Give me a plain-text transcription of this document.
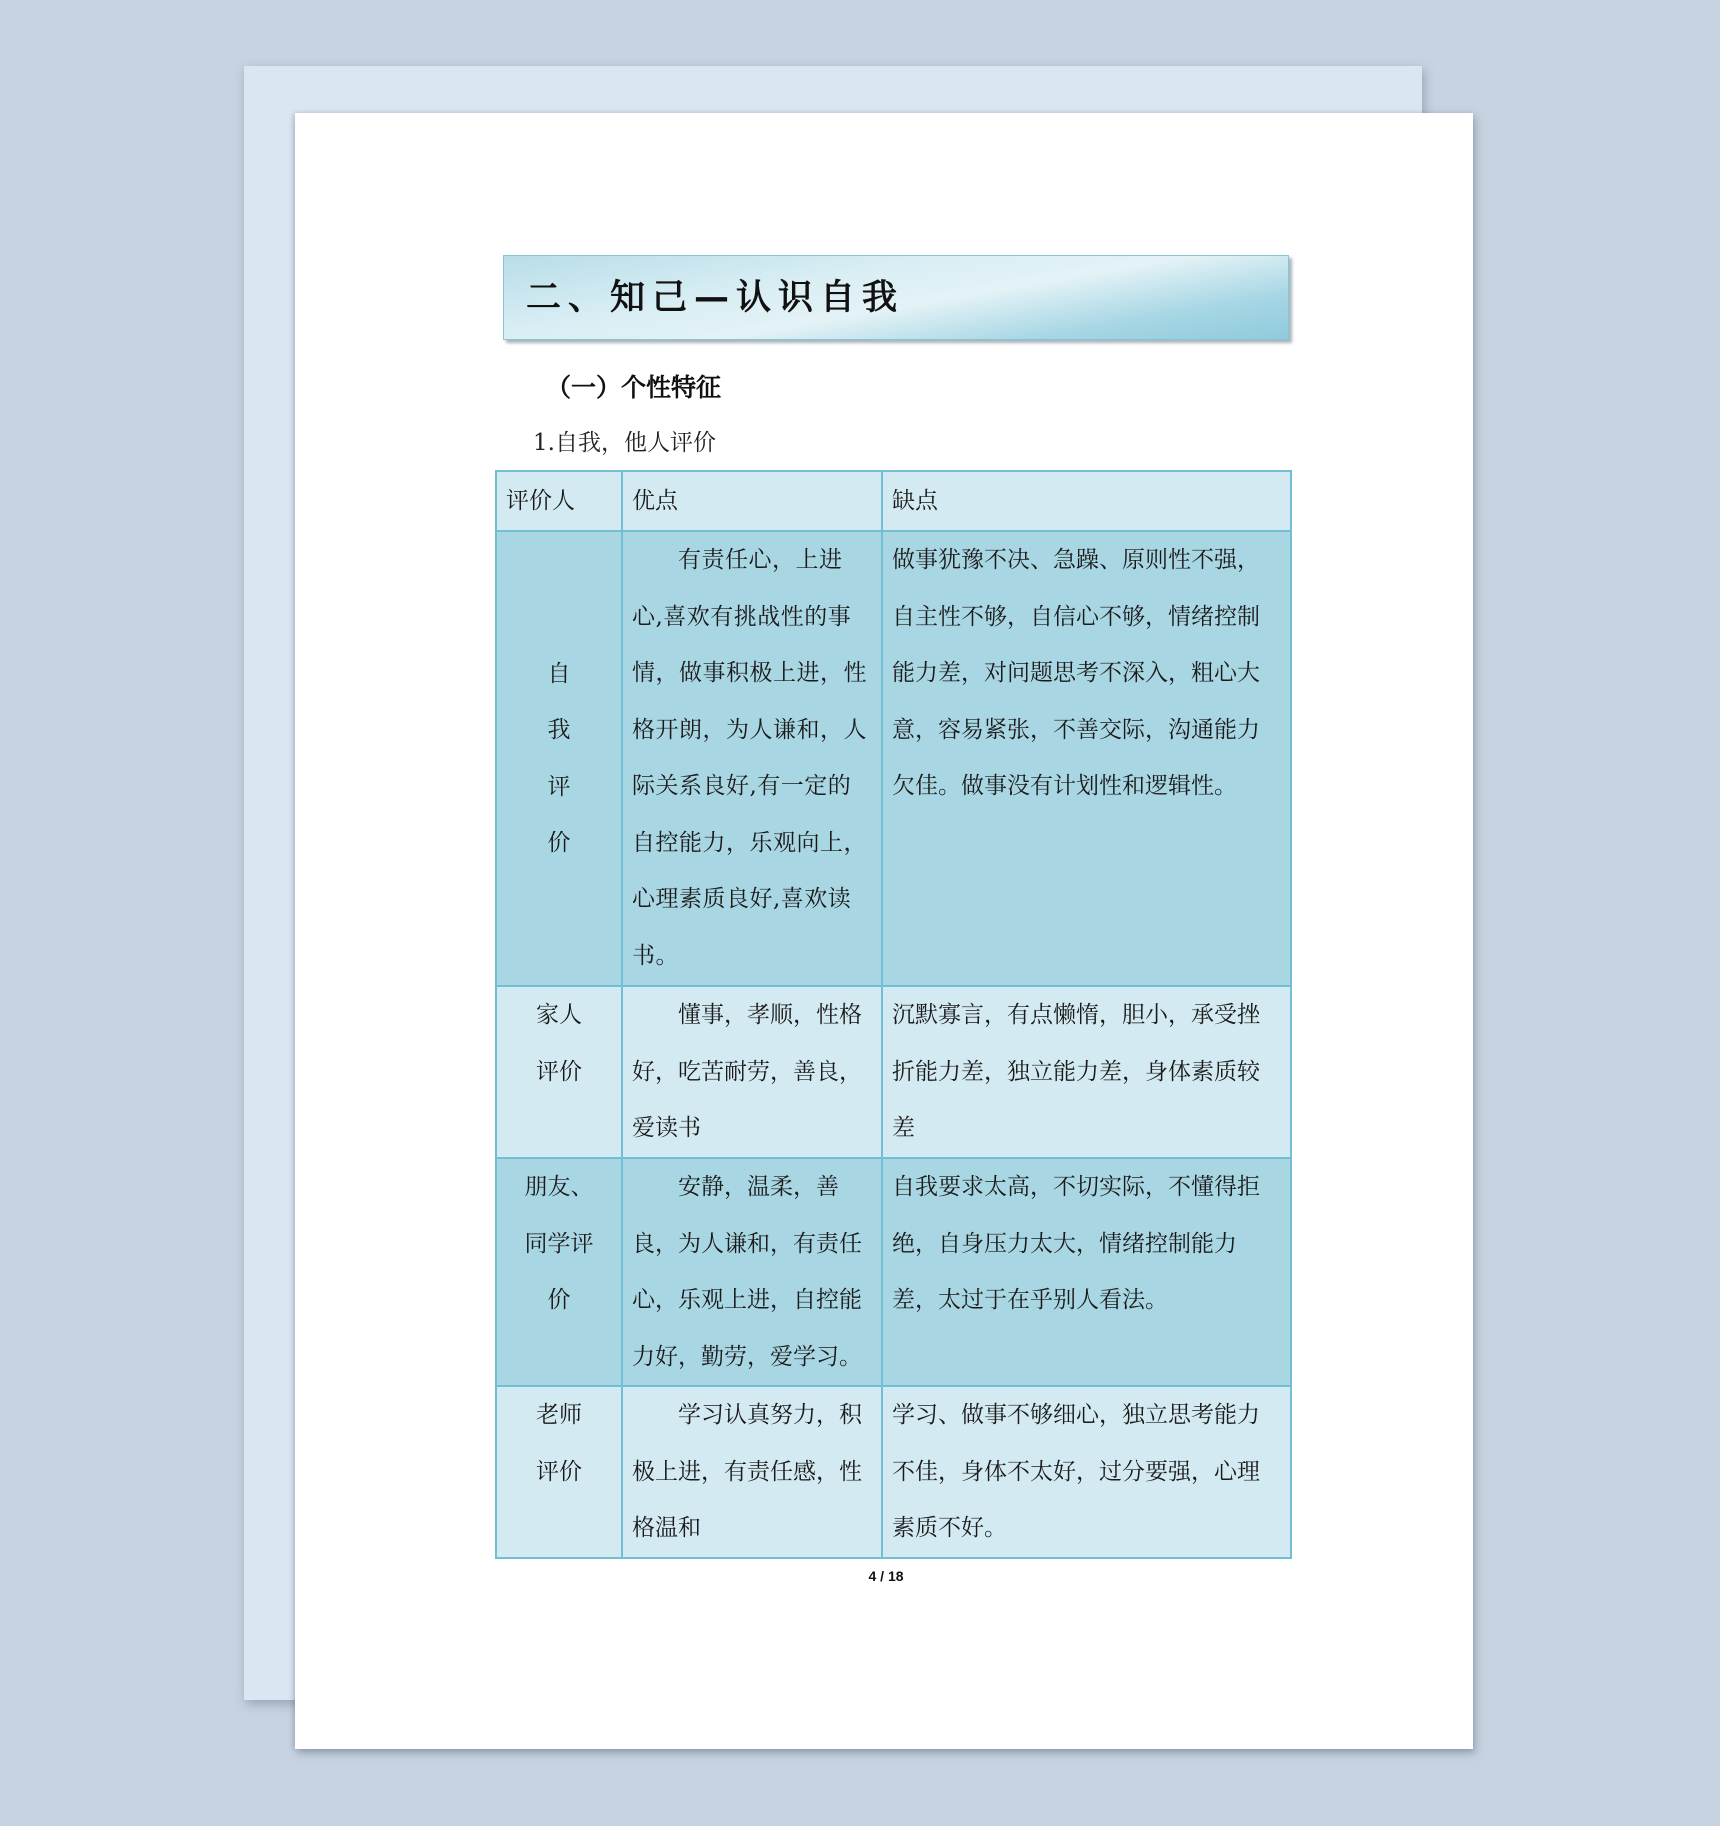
二、知己—认识自我
（一）个性特征
1.自我，他人评价
评价人	优点	缺点
自我评价	有责任心，上进心,喜欢有挑战性的事情，做事积极上进，性格开朗，为人谦和，人际关系良好,有一定的自控能力，乐观向上，心理素质良好,喜欢读书。	做事犹豫不决、急躁、原则性不强，自主性不够，自信心不够，情绪控制能力差，对问题思考不深入，粗心大意，容易紧张，不善交际，沟通能力欠佳。做事没有计划性和逻辑性。
家人评价	懂事，孝顺，性格好，吃苦耐劳，善良，爱读书	沉默寡言，有点懒惰，胆小，承受挫折能力差，独立能力差，身体素质较差
朋友、同学评价	安静，温柔，善良，为人谦和，有责任心，乐观上进，自控能力好，勤劳，爱学习。	自我要求太高，不切实际，不懂得拒绝，自身压力太大，情绪控制能力差，太过于在乎别人看法。
老师评价	学习认真努力，积极上进，有责任感，性格温和	学习、做事不够细心，独立思考能力不佳，身体不太好，过分要强，心理素质不好。
4 / 18
